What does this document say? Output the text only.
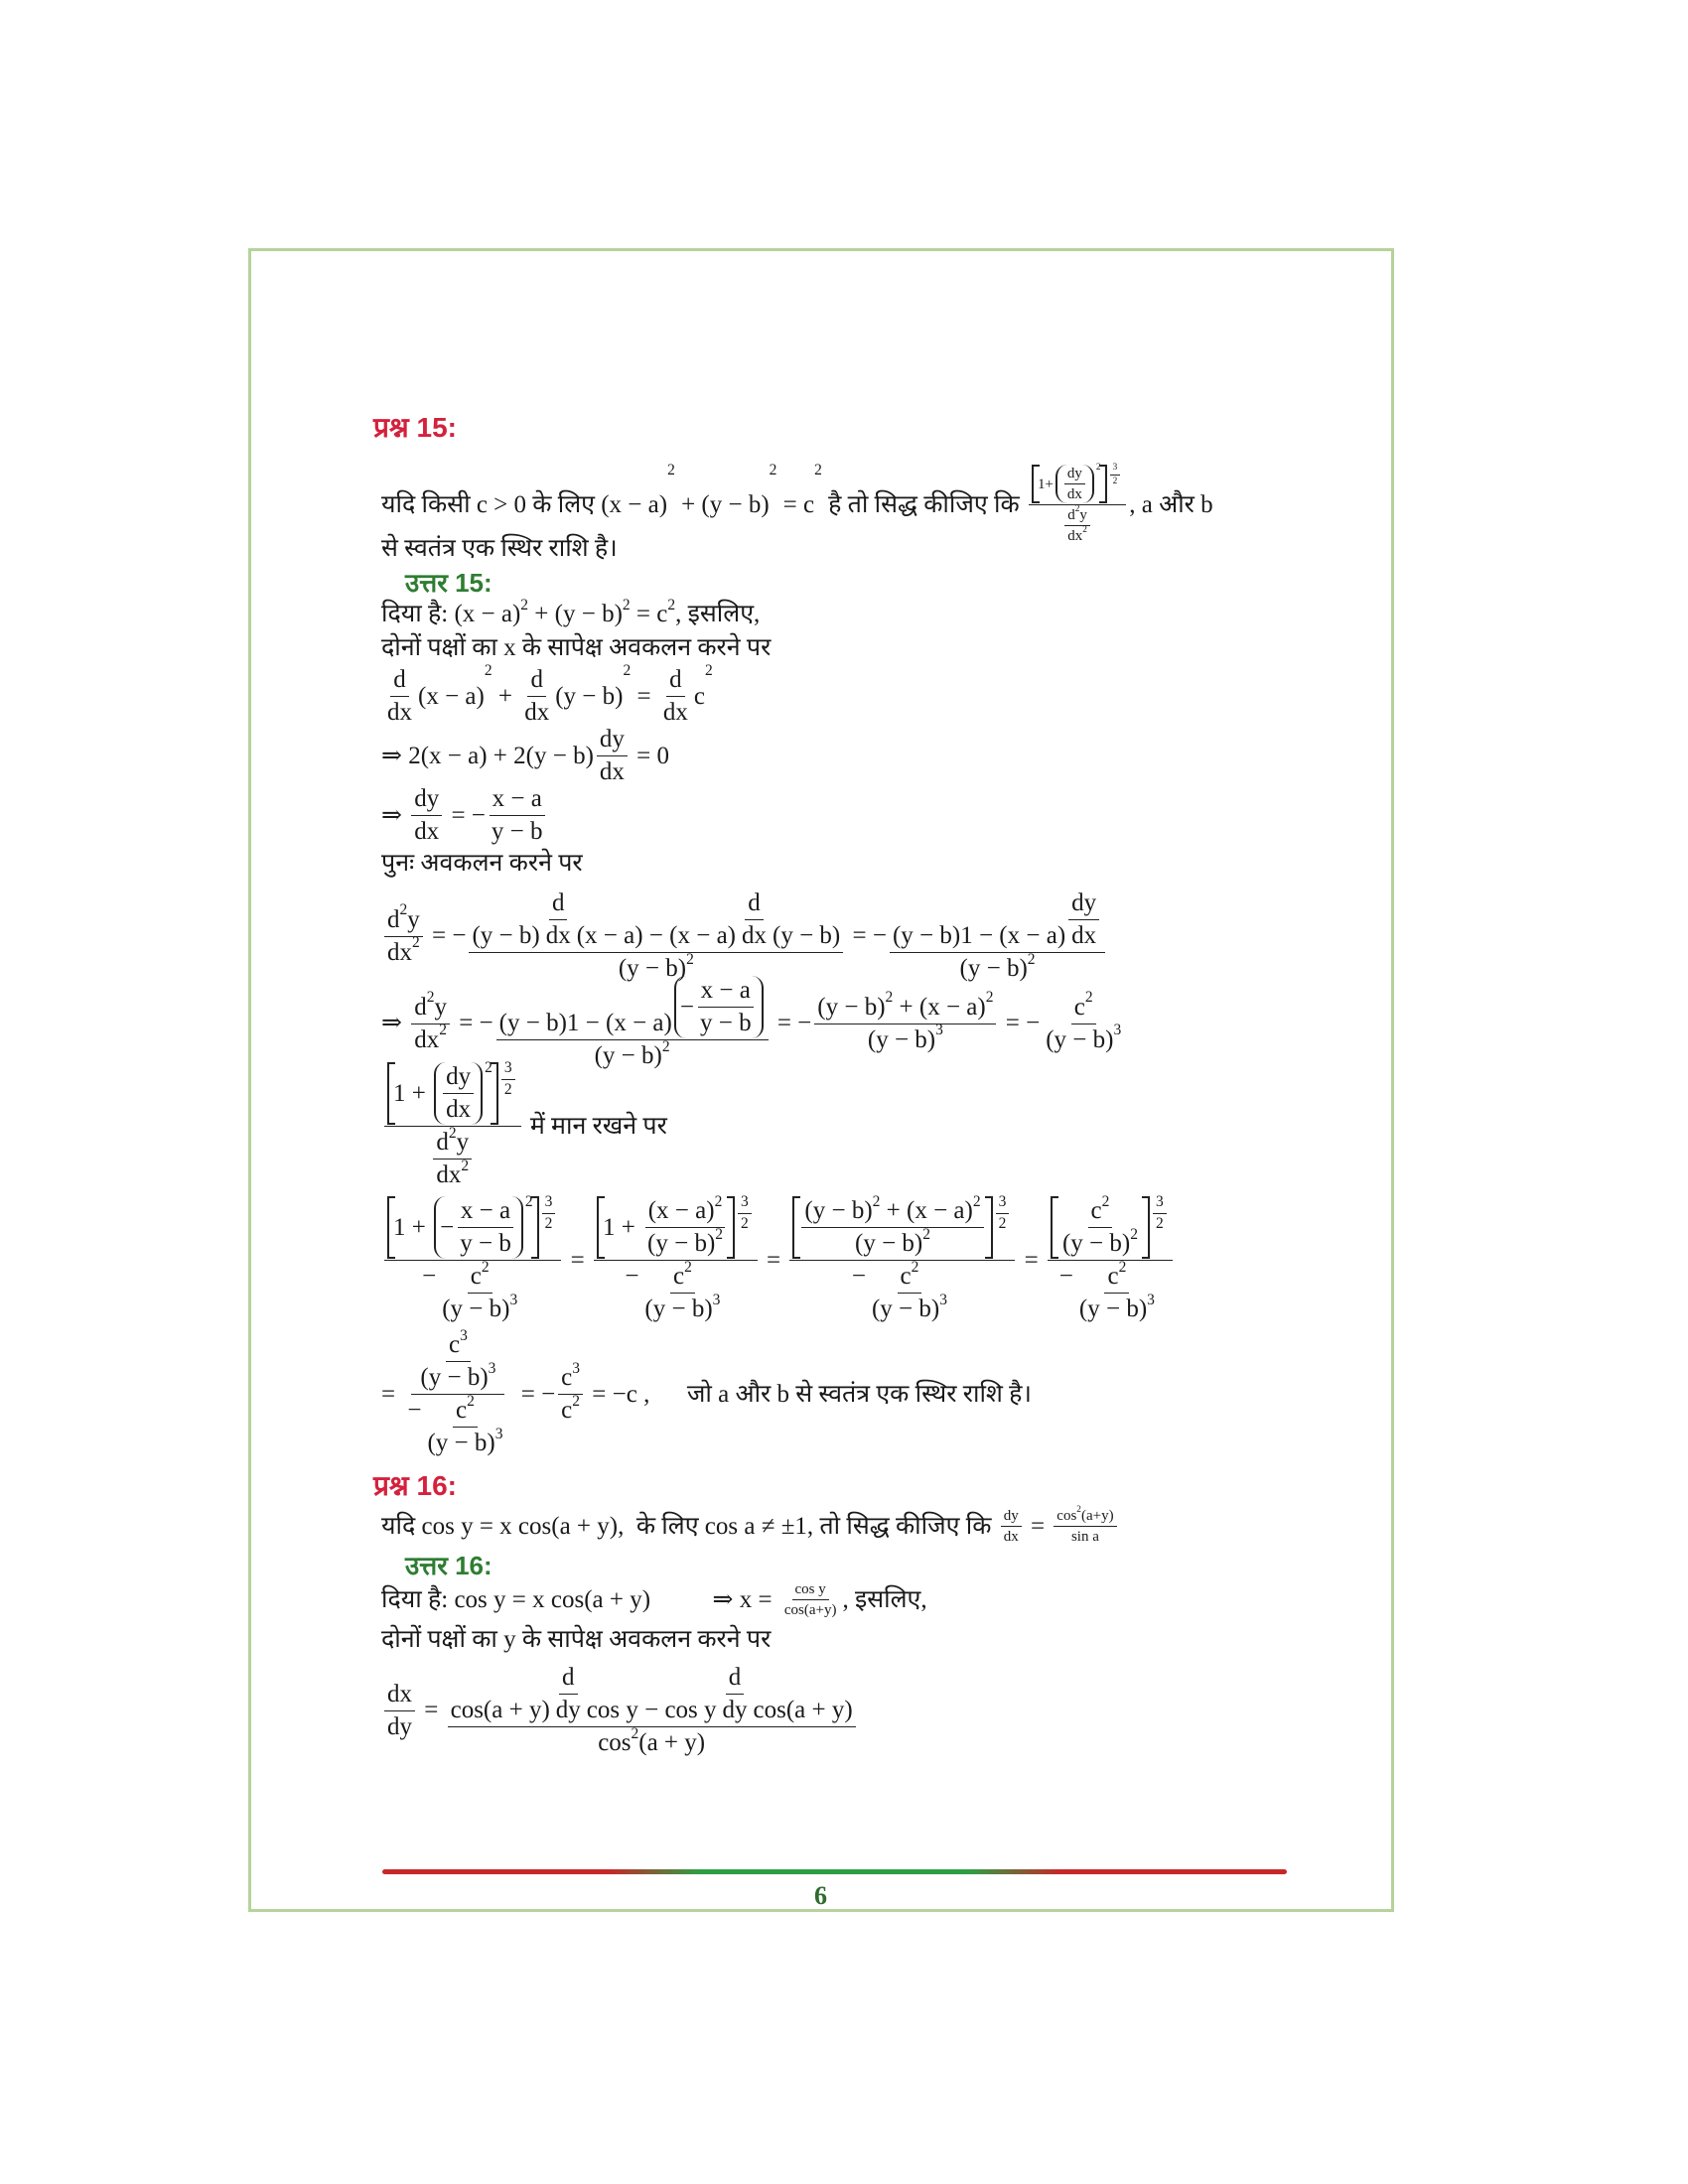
प्रश्न 15:
यदि किसी c > 0 के लिए (x − a)
2
+ (y − b)
2
= c
2
है तो सिद्ध कीजिए कि $\frac{1+ \frac{dy}{dx} 2 \frac{3}{2}}{\frac{d 2 y}{dx 2}}$ , a और b
से स्वतंत्र एक स्थिर राशि है।
उत्तर 15:
दिया है: (x − a) 2 + (y − b) 2 = c 2 , इसलिए,
दोनों पक्षों का x के सापेक्ष अवकलन करने पर
$\frac{d}{dx} (x - a)$
2
+ $\frac{d}{dx} (y - b)$
2
= $\frac{d}{dx}$ c
2
⇒ $2(x - a) + 2(y - b) \frac{dy}{dx} = 0$
⇒ $\frac{dy}{dx}$ = − $\frac{x - a}{y - b}$
पुनः अवकलन करने पर
$\frac{d 2 y}{dx 2}$ = − $\frac{(y - b) \frac{d}{dx} (x - a) - (x - a) \frac{d}{dx} (y - b)}{(y - b) 2}$ = − $\frac{(y - b)1 - (x - a) \frac{dy}{dx}}{(y - b) 2}$
⇒ $\frac{d 2 y}{dx 2}$ = − (y − b)1 − (x − a)
− $\frac{x - a}{y - b}$
(y − b) 2 = − $\frac{(y - b) 2 + (x - a) 2}{(y - b) 3}$ = − $\frac{c 2}{(y - b) 3}$
$\frac{1 + \frac{dy}{dx} 2 \frac{3}{2}}{\frac{d 2 y}{dx 2}}$ में मान रखने पर
$\frac{1 + - \frac{x - a}{y - b} 2 \frac{3}{2}}{- \frac{c 2}{(y - b) 3}} = \frac{1 + \frac{(x - a) 2}{(y - b) 2} \frac{3}{2}}{- \frac{c 2}{(y - b) 3}} = \frac{\frac{(y - b) 2 + (x - a) 2}{(y - b) 2} \frac{3}{2}}{- \frac{c 2}{(y - b) 3}} = \frac{\frac{c 2}{(y - b) 2} \frac{3}{2}}{- \frac{c 2}{(y - b) 3}}$
= $\frac{\frac{c 3}{(y - b) 3}}{- \frac{c 2}{(y - b) 3}}$ = − $\frac{c 3}{c 2} = -c$ ,      जो a और b से स्वतंत्र एक स्थिर राशि है।
प्रश्न 16:
यदि cos y = x cos(a + y),  के लिए cos a ≠ ±1, तो सिद्ध कीजिए कि $\frac{dy}{dx} = \frac{\cos 2 (a+y)}{\text{sin a}}$
उत्तर 16:
दिया है: cos y = x cos(a + y)          ⇒ $x = \frac{\text{cos y}}{\cos(a+y)}$ , इसलिए,
दोनों पक्षों का y के सापेक्ष अवकलन करने पर
$\frac{dx}{dy} = \frac{\cos(a + y) \frac{d}{dy} \cos y - \cos y \frac{d}{dy} \cos(a + y)}{\cos 2 (a + y)}$
6
